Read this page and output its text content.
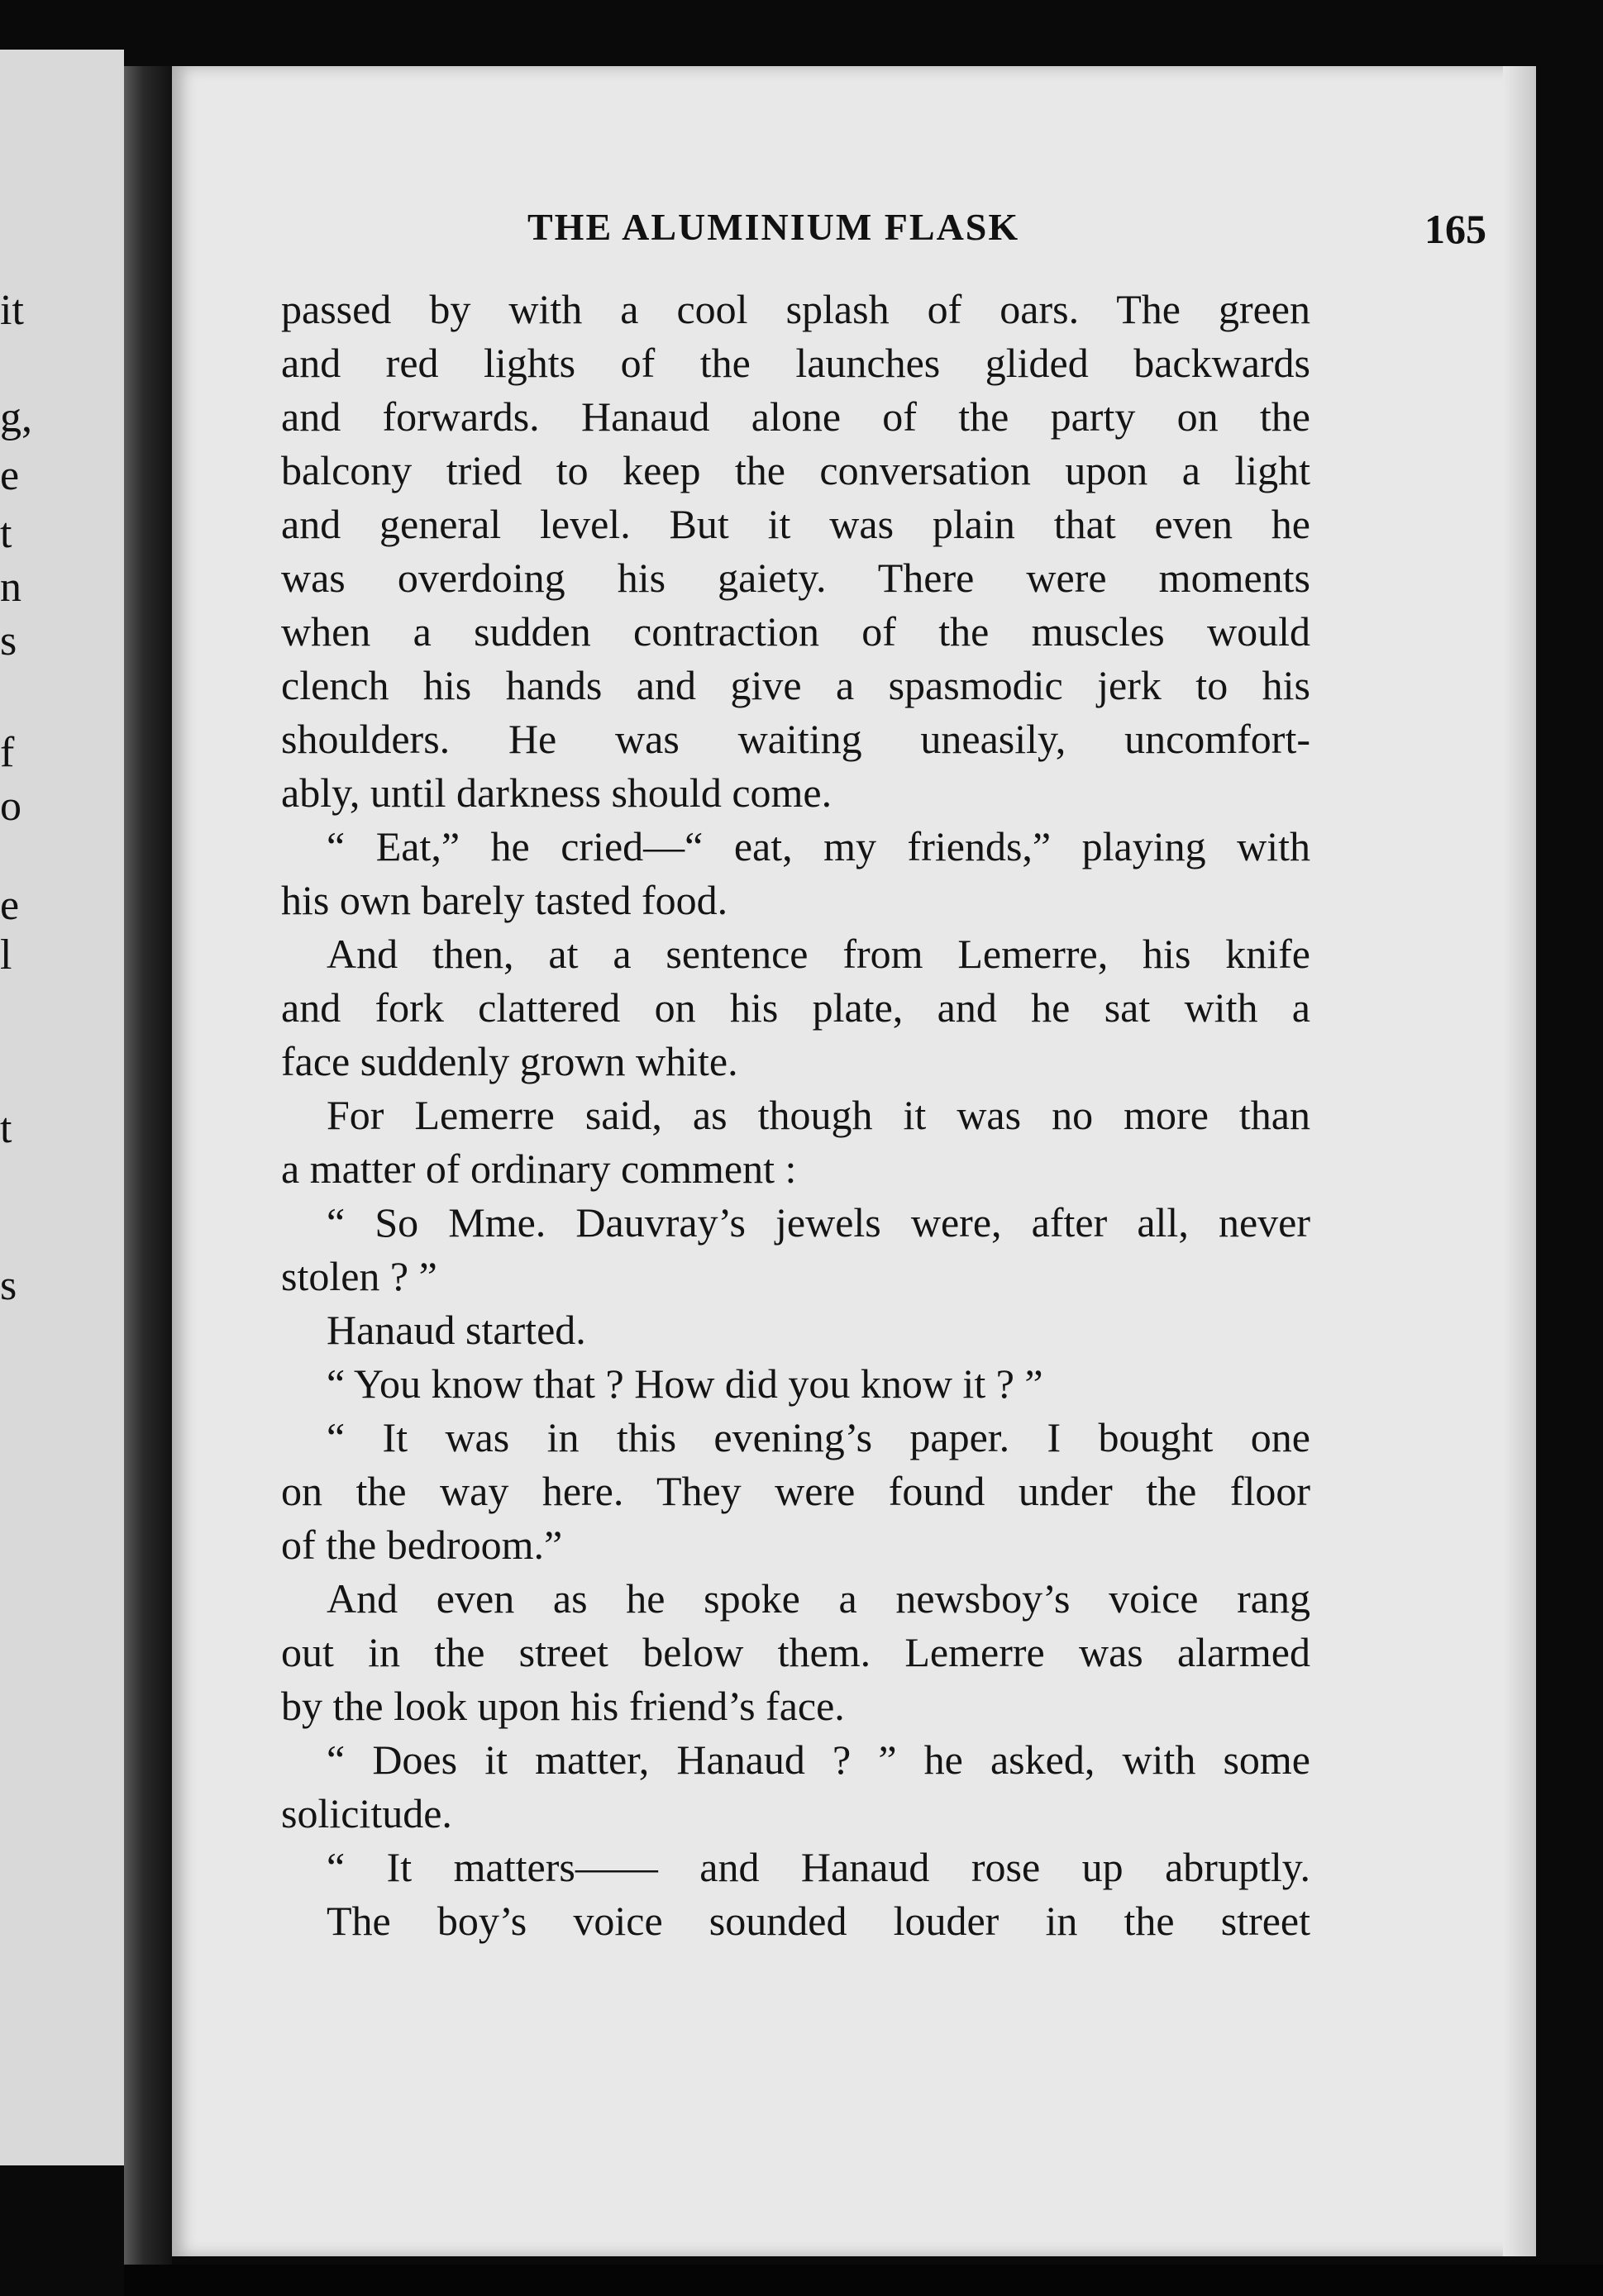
it
g,
e
t
n
s
f
o
e
l
t
s
THE ALUMINIUM FLASK	165
passed by with a cool splash of oars. The green
and red lights of the launches glided backwards
and forwards. Hanaud alone of the party on the
balcony tried to keep the conversation upon a light
and general level. But it was plain that even he
was overdoing his gaiety. There were moments
when a sudden contraction of the muscles would
clench his hands and give a spasmodic jerk to his
shoulders. He was waiting uneasily, uncomfort-
ably, until darkness should come.
“ Eat,” he cried—“ eat, my friends,” playing with
his own barely tasted food.
And then, at a sentence from Lemerre, his knife
and fork clattered on his plate, and he sat with a
face suddenly grown white.
For Lemerre said, as though it was no more than
a matter of ordinary comment :
“ So Mme. Dauvray’s jewels were, after all, never
stolen ? ”
Hanaud started.
“ You know that ? How did you know it ? ”
“ It was in this evening’s paper. I bought one
on the way here. They were found under the floor
of the bedroom.”
And even as he spoke a newsboy’s voice rang
out in the street below them. Lemerre was alarmed
by the look upon his friend’s face.
“ Does it matter, Hanaud ? ” he asked, with some
solicitude.
“ It matters—— and Hanaud rose up abruptly.
The boy’s voice sounded louder in the street
